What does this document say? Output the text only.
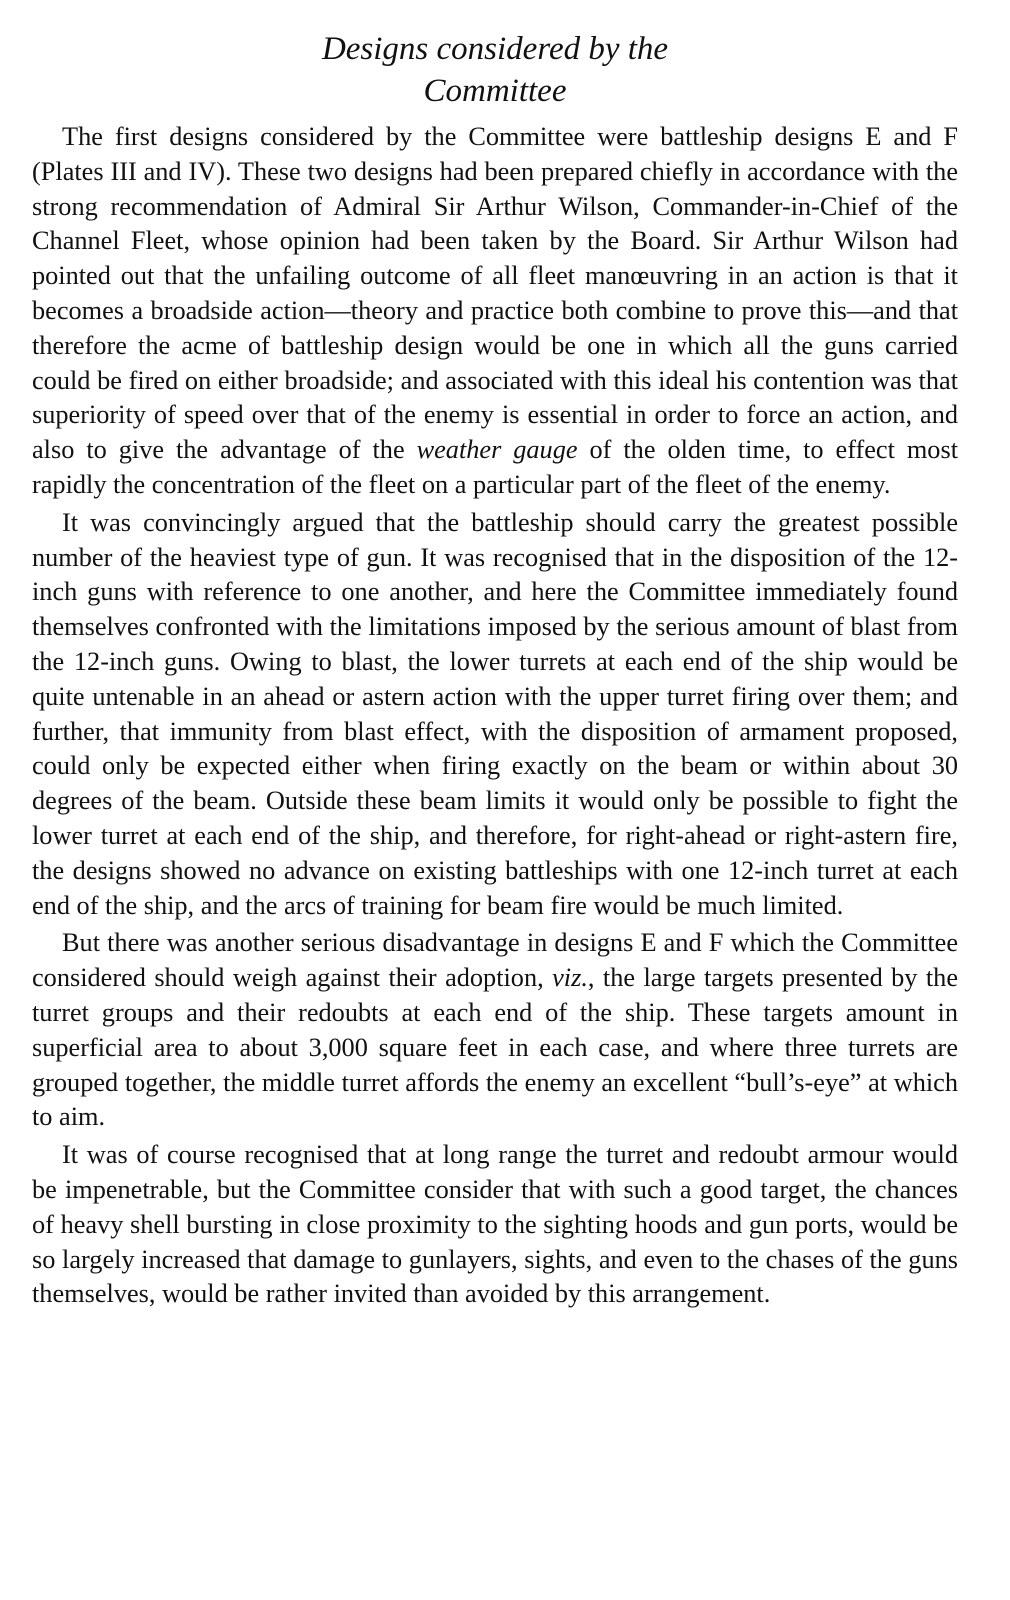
Designs considered by the
Committee

The first designs considered by the Committee were battleship designs E and F (Plates III and IV). These two designs had been prepared chiefly in accordance with the strong recommendation of Admiral Sir Arthur Wilson, Commander-in-Chief of the Channel Fleet, whose opinion had been taken by the Board. Sir Arthur Wilson had pointed out that the unfailing outcome of all fleet manœuvring in an action is that it becomes a broadside action—theory and practice both combine to prove this—and that therefore the acme of battleship design would be one in which all the guns carried could be fired on either broadside; and associated with this ideal his contention was that superiority of speed over that of the enemy is essential in order to force an action, and also to give the advantage of the weather gauge of the olden time, to effect most rapidly the concentration of the fleet on a particular part of the fleet of the enemy.

It was convincingly argued that the battleship should carry the greatest possible number of the heaviest type of gun. It was recognised that in the disposition of the 12-inch guns with reference to one another, and here the Committee immediately found themselves confronted with the limitations imposed by the serious amount of blast from the 12-inch guns. Owing to blast, the lower turrets at each end of the ship would be quite untenable in an ahead or astern action with the upper turret firing over them; and further, that immunity from blast effect, with the disposition of armament proposed, could only be expected either when firing exactly on the beam or within about 30 degrees of the beam. Outside these beam limits it would only be possible to fight the lower turret at each end of the ship, and therefore, for right-ahead or right-astern fire, the designs showed no advance on existing battleships with one 12-inch turret at each end of the ship, and the arcs of training for beam fire would be much limited.

But there was another serious disadvantage in designs E and F which the Committee considered should weigh against their adoption, viz., the large targets presented by the turret groups and their redoubts at each end of the ship. These targets amount in superficial area to about 3,000 square feet in each case, and where three turrets are grouped together, the middle turret affords the enemy an excellent “bull’s-eye” at which to aim.

It was of course recognised that at long range the turret and redoubt armour would be impenetrable, but the Committee consider that with such a good target, the chances of heavy shell bursting in close proximity to the sighting hoods and gun ports, would be so largely increased that damage to gunlayers, sights, and even to the chases of the guns themselves, would be rather invited than avoided by this arrangement.
